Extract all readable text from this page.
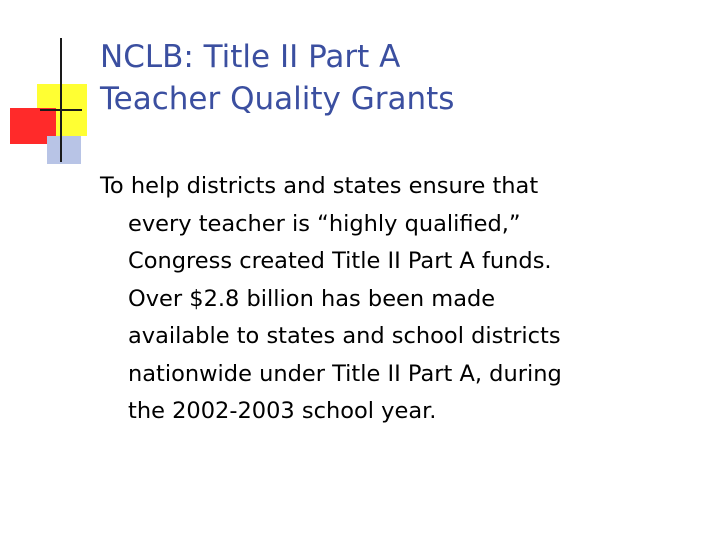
NCLB: Title II Part A
Teacher Quality Grants
To help districts and states ensure that
every teacher is “highly qualified,”
Congress created Title II Part A funds.
Over $2.8 billion has been made
available to states and school districts
nationwide under Title II Part A, during
the 2002-2003 school year.
